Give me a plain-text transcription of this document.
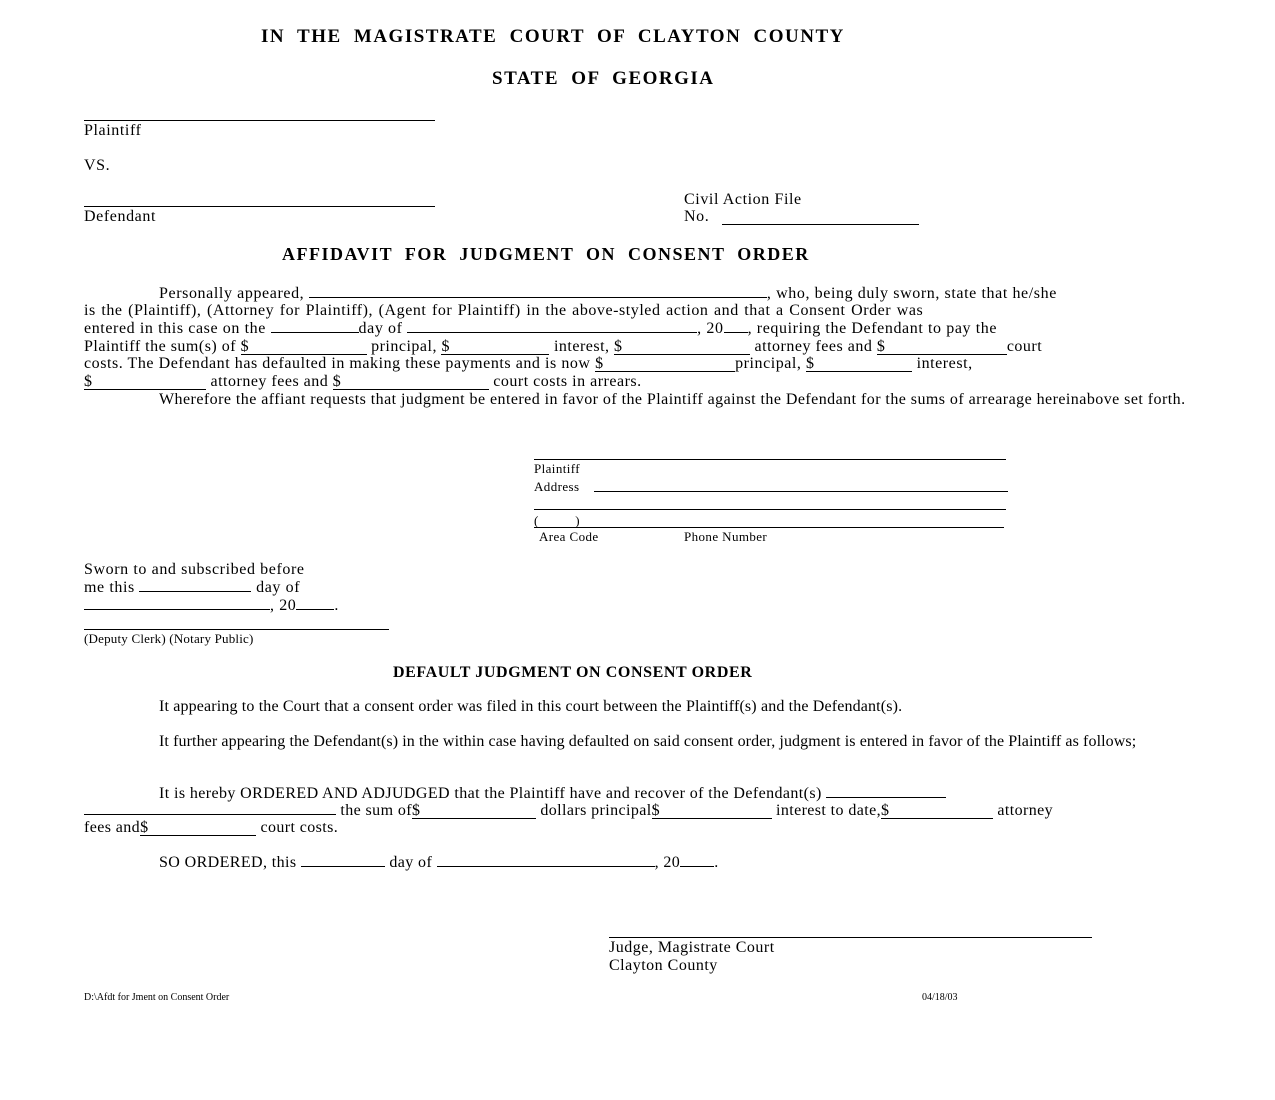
IN THE MAGISTRATE COURT OF CLAYTON COUNTY
STATE OF GEORGIA
Plaintiff
VS.
Defendant
Civil Action File
No.
AFFIDAVIT FOR JUDGMENT ON CONSENT ORDER
Personally appeared,	, who, being duly sworn, state that he/she
is the (Plaintiff), (Attorney for Plaintiff), (Agent for Plaintiff) in the above-styled action and that a Consent Order was
entered in this case on the	day of	, 20 , requiring the Defendant to pay the
Plaintiff the sum(s) of $	principal, $	interest, $	attorney fees and $	court
costs. The Defendant has defaulted in making these payments and is now $	principal, $	interest,
$	attorney fees and $	court costs in arrears.
Wherefore the affiant requests that judgment be entered in favor of the Plaintiff against the Defendant for the sums of arrearage hereinabove set forth.
Plaintiff
Address
(          )
Area Code	Phone Number
Sworn to and subscribed before
me this	day of
, 20 .
(Deputy Clerk) (Notary Public)
DEFAULT JUDGMENT ON CONSENT ORDER
It appearing to the Court that a consent order was filed in this court between the Plaintiff(s) and the Defendant(s).
It further appearing the Defendant(s) in the within case having defaulted on said consent order, judgment is entered in favor of the Plaintiff as follows;
It is hereby ORDERED AND ADJUDGED that the Plaintiff have and recover of the Defendant(s)
the sum of$	dollars principal$	interest to date,$	attorney
fees and$	court costs.
SO ORDERED, this	day of	, 20 .
Judge, Magistrate Court
Clayton County
D:\Afdt for Jment on Consent Order	04/18/03
